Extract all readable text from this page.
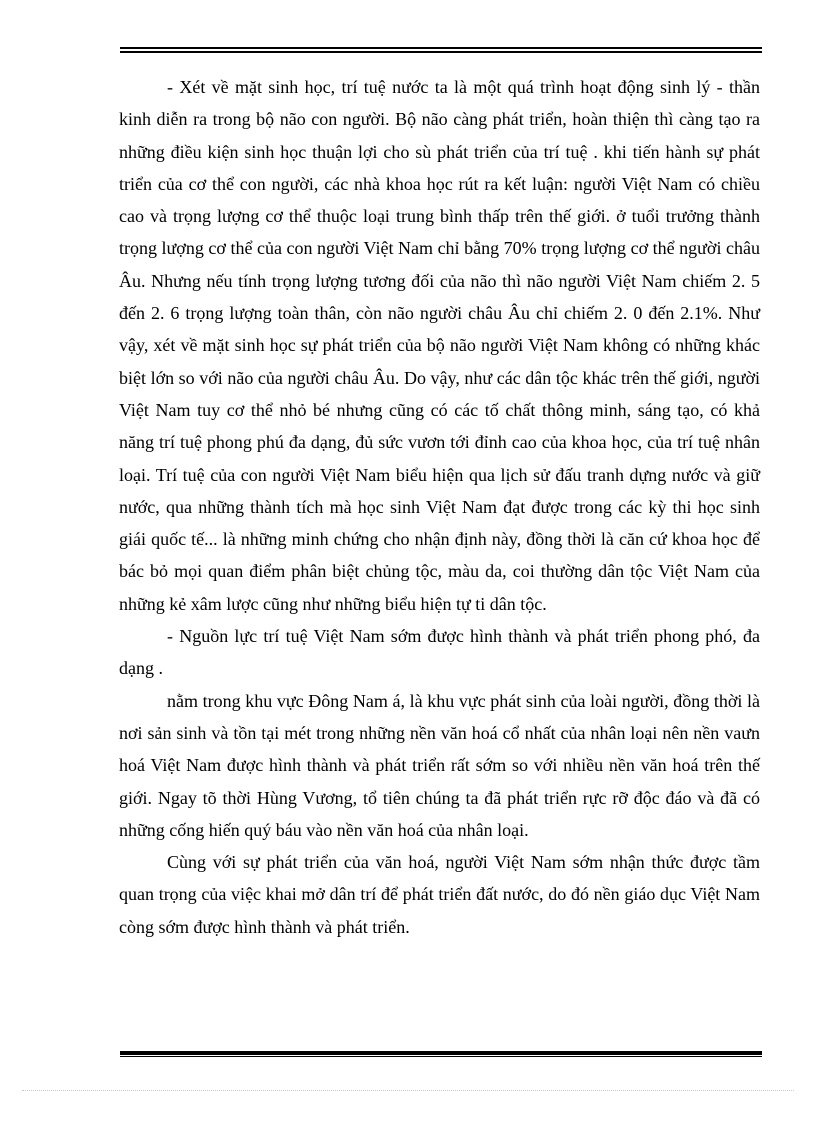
- Xét về mặt sinh học, trí tuệ nước ta là một quá trình hoạt động sinh lý - thần kinh diễn ra trong bộ não con người. Bộ não càng phát triển, hoàn thiện thì càng tạo ra những điều kiện sinh học thuận lợi cho sù phát triển của trí tuệ . khi tiến hành sự phát triển của cơ thể con người, các nhà khoa học rút ra kết luận: người Việt Nam có chiều cao và trọng lượng cơ thể thuộc loại trung bình thấp trên thế giới. ở tuổi trưởng thành trọng lượng cơ thể của con người Việt Nam chỉ bằng 70% trọng lượng cơ thể người châu Âu. Nhưng nếu tính trọng lượng tương đối của não thì não người Việt Nam chiếm 2. 5 đến 2. 6 trọng lượng toàn thân, còn não người châu Âu chỉ chiếm 2. 0 đến 2.1%. Như vậy, xét về mặt sinh học sự phát triển của bộ não người Việt Nam không có những khác biệt lớn so với não của người châu Âu. Do vậy, như các dân tộc khác trên thế giới, người Việt Nam tuy cơ thể nhỏ bé nhưng cũng có các tố chất thông minh, sáng tạo, có khả năng trí tuệ phong phú đa dạng, đủ sức vươn tới đỉnh cao của khoa học, của trí tuệ nhân loại. Trí tuệ của con người Việt Nam biểu hiện qua lịch sử đấu tranh dựng nước và giữ nước, qua những thành tích mà học sinh Việt Nam đạt được trong các kỳ thi học sinh giái quốc tế... là những minh chứng cho nhận định này, đồng thời là căn cứ khoa học để bác bỏ mọi quan điểm phân biệt chủng tộc, màu da, coi thường dân tộc Việt Nam của những kẻ xâm lược cũng như những biểu hiện tự ti dân tộc.

- Nguồn lực trí tuệ Việt Nam sớm được hình thành và phát triển phong phó, đa dạng .

nằm trong khu vực Đông Nam á, là khu vực phát sinh của loài người, đồng thời là nơi sản sinh và tồn tại mét trong những nền văn hoá cổ nhất của nhân loại nên nền vaưn hoá Việt Nam được hình thành và phát triển rất sớm so với nhiều nền văn hoá trên thế giới. Ngay tõ thời Hùng Vương, tổ tiên chúng ta đã phát triển rực rỡ độc đáo và đã có những cống hiến quý báu vào nền văn hoá của nhân loại.

Cùng với sự phát triển của văn hoá, người Việt Nam sớm nhận thức được tầm quan trọng của việc khai mở dân trí để phát triển đất nước, do đó nền giáo dục Việt Nam còng sớm được hình thành và phát triển.
